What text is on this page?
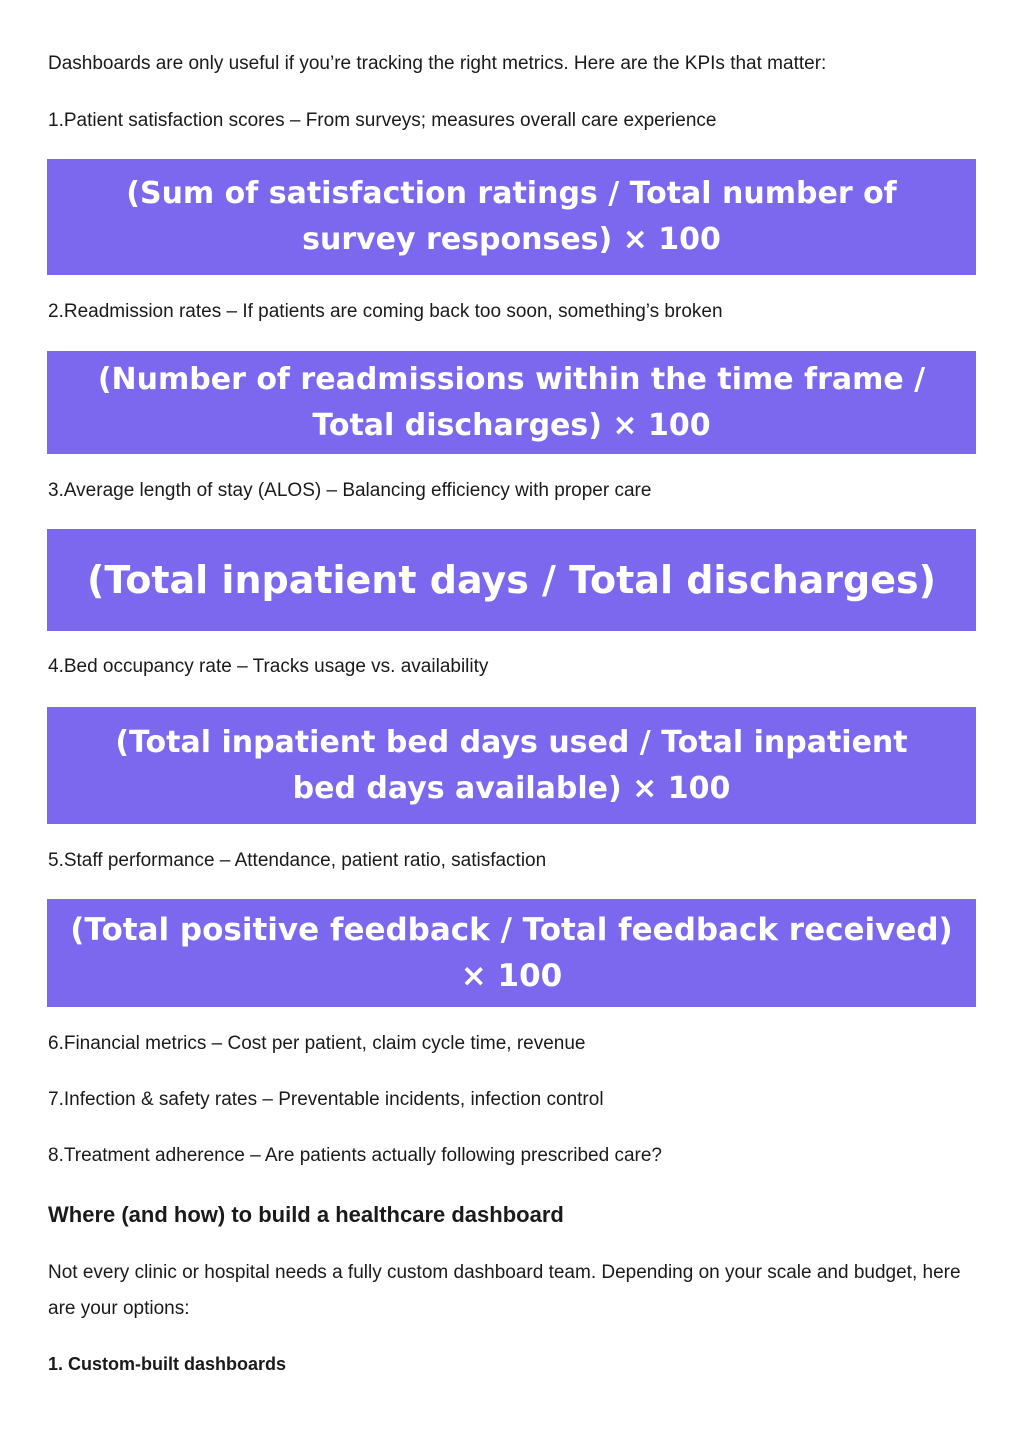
Dashboards are only useful if you’re tracking the right metrics. Here are the KPIs that matter:

1.Patient satisfaction scores – From surveys; measures overall care experience

(Sum of satisfaction ratings / Total number of survey responses) × 100

2.Readmission rates – If patients are coming back too soon, something’s broken

(Number of readmissions within the time frame / Total discharges) × 100

3.Average length of stay (ALOS) – Balancing efficiency with proper care

(Total inpatient days / Total discharges)

4.Bed occupancy rate – Tracks usage vs. availability

(Total inpatient bed days used / Total inpatient bed days available) × 100

5.Staff performance – Attendance, patient ratio, satisfaction

(Total positive feedback / Total feedback received) × 100

6.Financial metrics – Cost per patient, claim cycle time, revenue

7.Infection & safety rates – Preventable incidents, infection control

8.Treatment adherence – Are patients actually following prescribed care?

Where (and how) to build a healthcare dashboard

Not every clinic or hospital needs a fully custom dashboard team. Depending on your scale and budget, here are your options:

1. Custom-built dashboards
